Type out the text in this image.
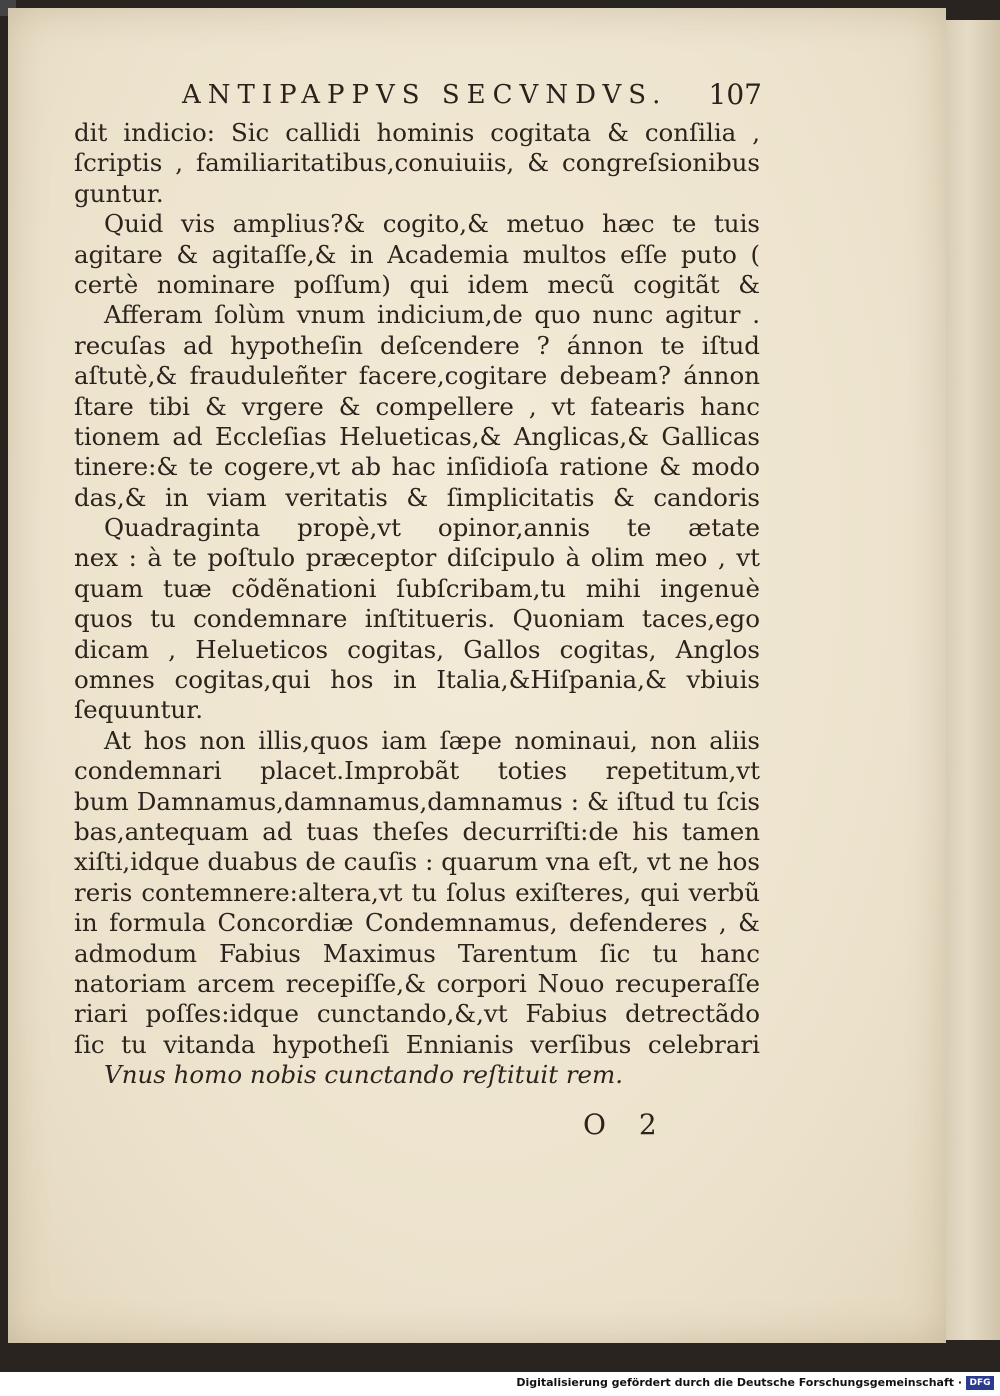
ANTIPAPPVS SECVNDVS. 107
dit indicio: Sic callidi hominis cogitata & conſilia ,
ſcriptis , familiaritatibus,conuiuiis, & congreſsionibus
guntur.
Quid vis amplius?& cogito,& metuo hæc te tuis
agitare & agitaſſe,& in Academia multos eſſe puto (
certè nominare poſſum) qui idem mecũ cogitãt &
Afferam ſolùm vnum indicium,de quo nunc agitur .
recuſas ad hypotheſin deſcendere ? ánnon te iſtud
aſtutè,& frauduleñter facere,cogitare debeam? ánnon
ſtare tibi & vrgere & compellere , vt fatearis hanc
tionem ad Eccleſias Helueticas,& Anglicas,& Gallicas
tinere:& te cogere,vt ab hac inſidioſa ratione & modo
das,& in viam veritatis & ſimplicitatis & candoris
Quadraginta propè,vt opinor,annis te ætate
nex : à te poſtulo præceptor diſcipulo à olim meo , vt
quam tuæ cõdẽnationi ſubſcribam,tu mihi ingenuè
quos tu condemnare inſtitueris. Quoniam taces,ego
dicam , Helueticos cogitas, Gallos cogitas, Anglos
omnes cogitas,qui hos in Italia,&Hiſpania,& vbiuis
ſequuntur.
At hos non illis,quos iam ſæpe nominaui, non aliis
condemnari placet.Improbãt toties repetitum,vt
bum Damnamus,damnamus,damnamus : & iſtud tu ſcis
bas,antequam ad tuas theſes decurriſti:de his tamen
xiſti,idque duabus de cauſis : quarum vna eſt, vt ne hos
reris contemnere:altera,vt tu ſolus exiſteres, qui verbũ
in formula Concordiæ Condemnamus, defenderes , &
admodum Fabius Maximus Tarentum ſic tu hanc
natoriam arcem recepiſſe,& corpori Nouo recuperaſſe
riari poſſes:idque cunctando,&,vt Fabius detrectãdo
ſic tu vitanda hypotheſi Ennianis verſibus celebrari
Vnus homo nobis cunctando reſtituit rem.
O 2
Digitalisierung gefördert durch die Deutsche Forschungsgemeinschaft · DFG
